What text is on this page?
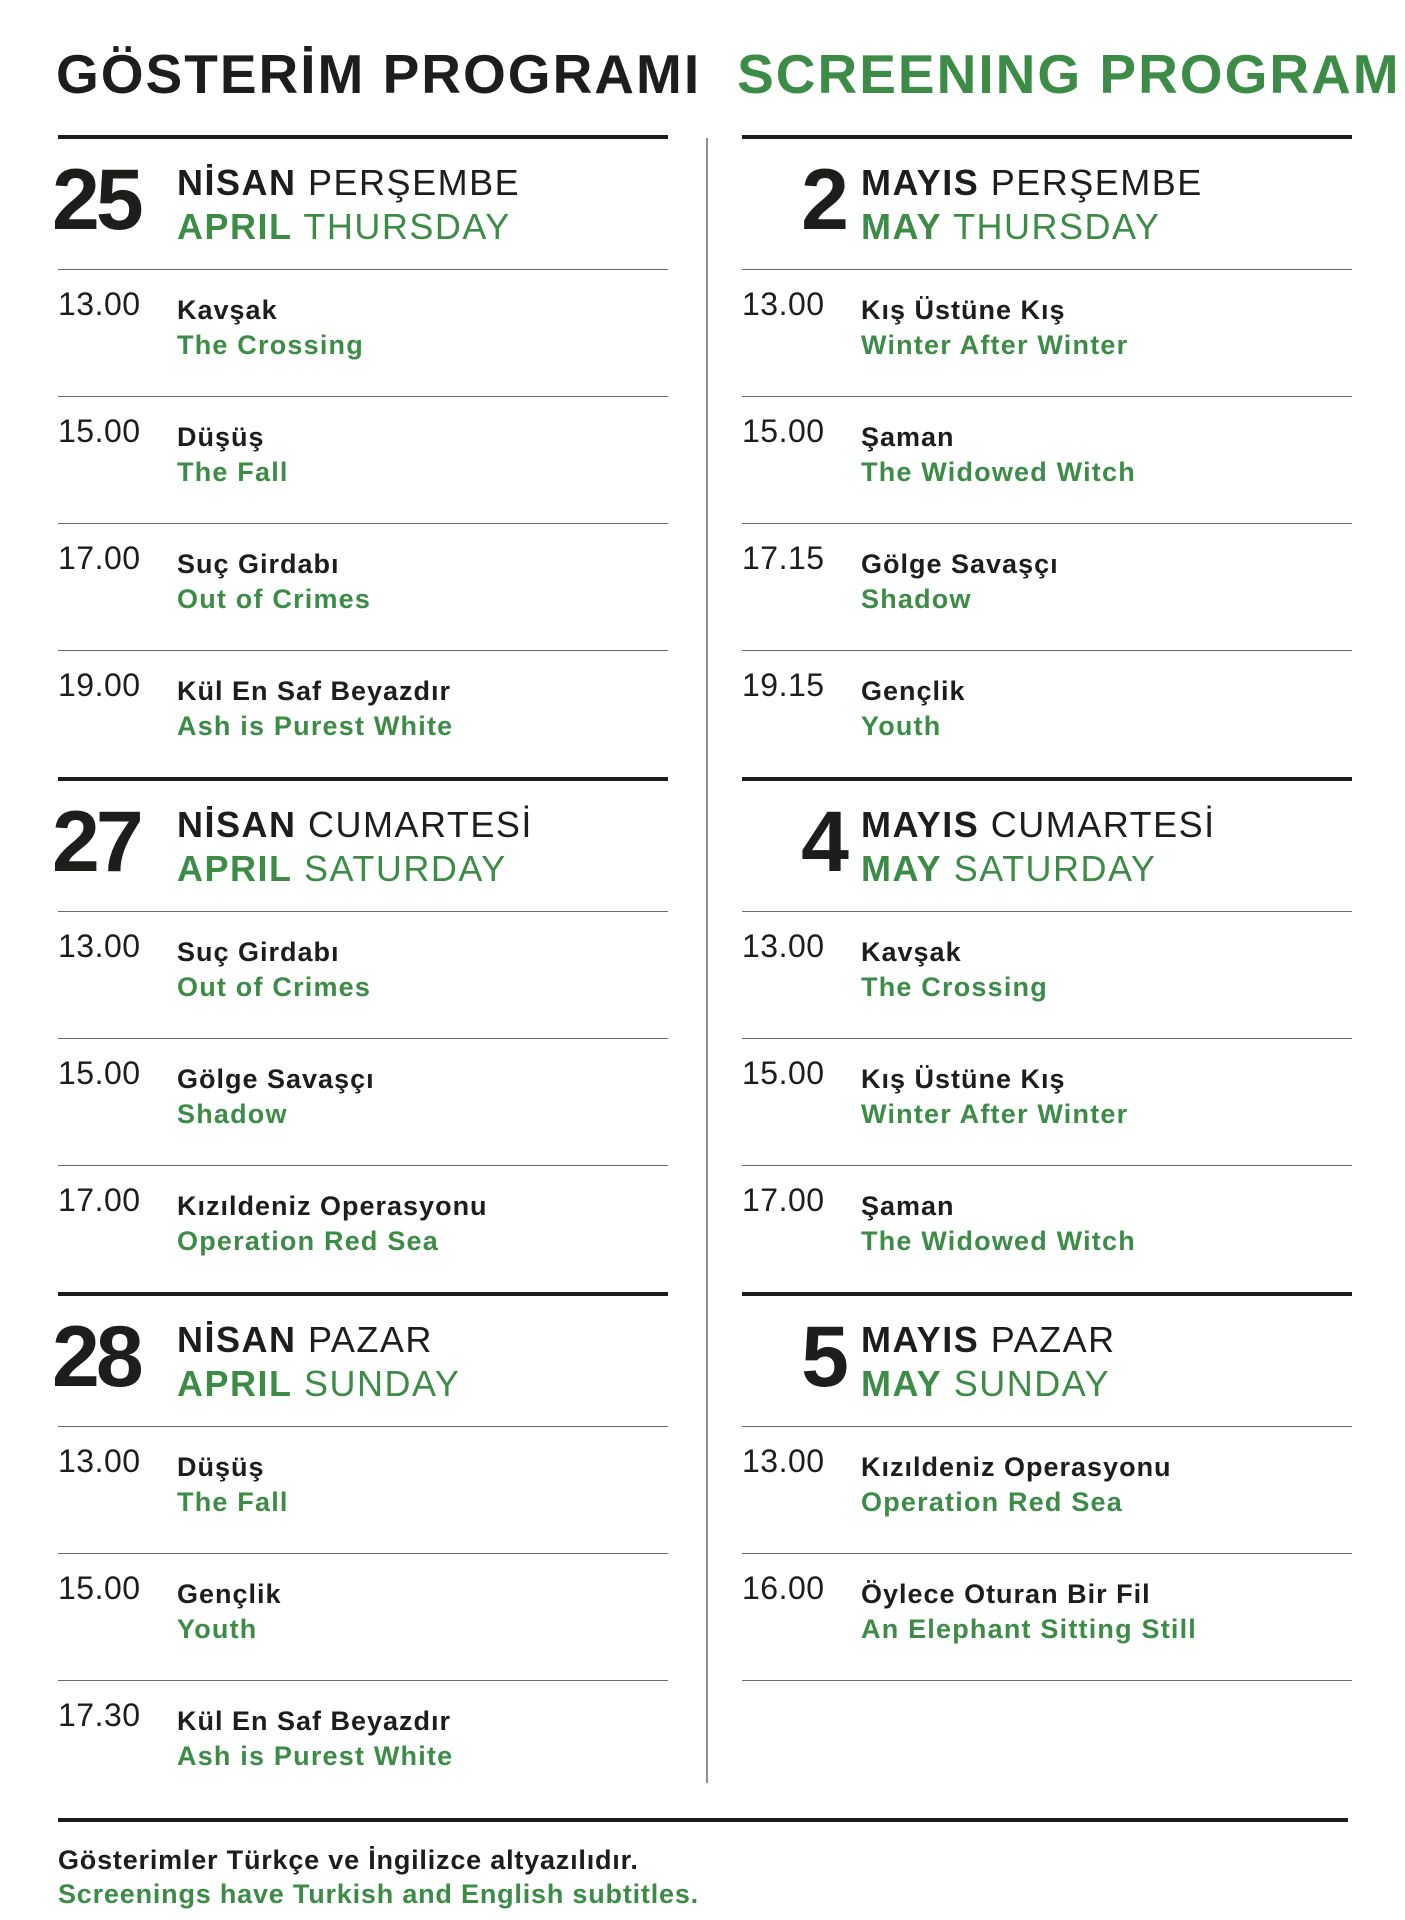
GÖSTERİM PROGRAMI SCREENING PROGRAM
25	NİSAN PERŞEMBE
APRIL THURSDAY
13.00 Kavşak
The Crossing
15.00 Düşüş
The Fall
17.00 Suç Girdabı
Out of Crimes
19.00 Kül En Saf Beyazdır
Ash is Purest White
27	NİSAN CUMARTESİ
APRIL SATURDAY
13.00 Suç Girdabı
Out of Crimes
15.00 Gölge Savaşçı
Shadow
17.00 Kızıldeniz Operasyonu
Operation Red Sea
28	NİSAN PAZAR
APRIL SUNDAY
13.00 Düşüş
The Fall
15.00 Gençlik
Youth
17.30 Kül En Saf Beyazdır
Ash is Purest White
2 MAYIS PERŞEMBE
MAY THURSDAY
13.00 Kış Üstüne Kış
Winter After Winter
15.00 Şaman
The Widowed Witch
17.15 Gölge Savaşçı
Shadow
19.15 Gençlik
Youth
4 MAYIS CUMARTESİ
MAY SATURDAY
13.00 Kavşak
The Crossing
15.00 Kış Üstüne Kış
Winter After Winter
17.00 Şaman
The Widowed Witch
5 MAYIS PAZAR
MAY SUNDAY
13.00 Kızıldeniz Operasyonu
Operation Red Sea
16.00 Öylece Oturan Bir Fil
An Elephant Sitting Still
Gösterimler Türkçe ve İngilizce altyazılıdır.
Screenings have Turkish and English subtitles.
